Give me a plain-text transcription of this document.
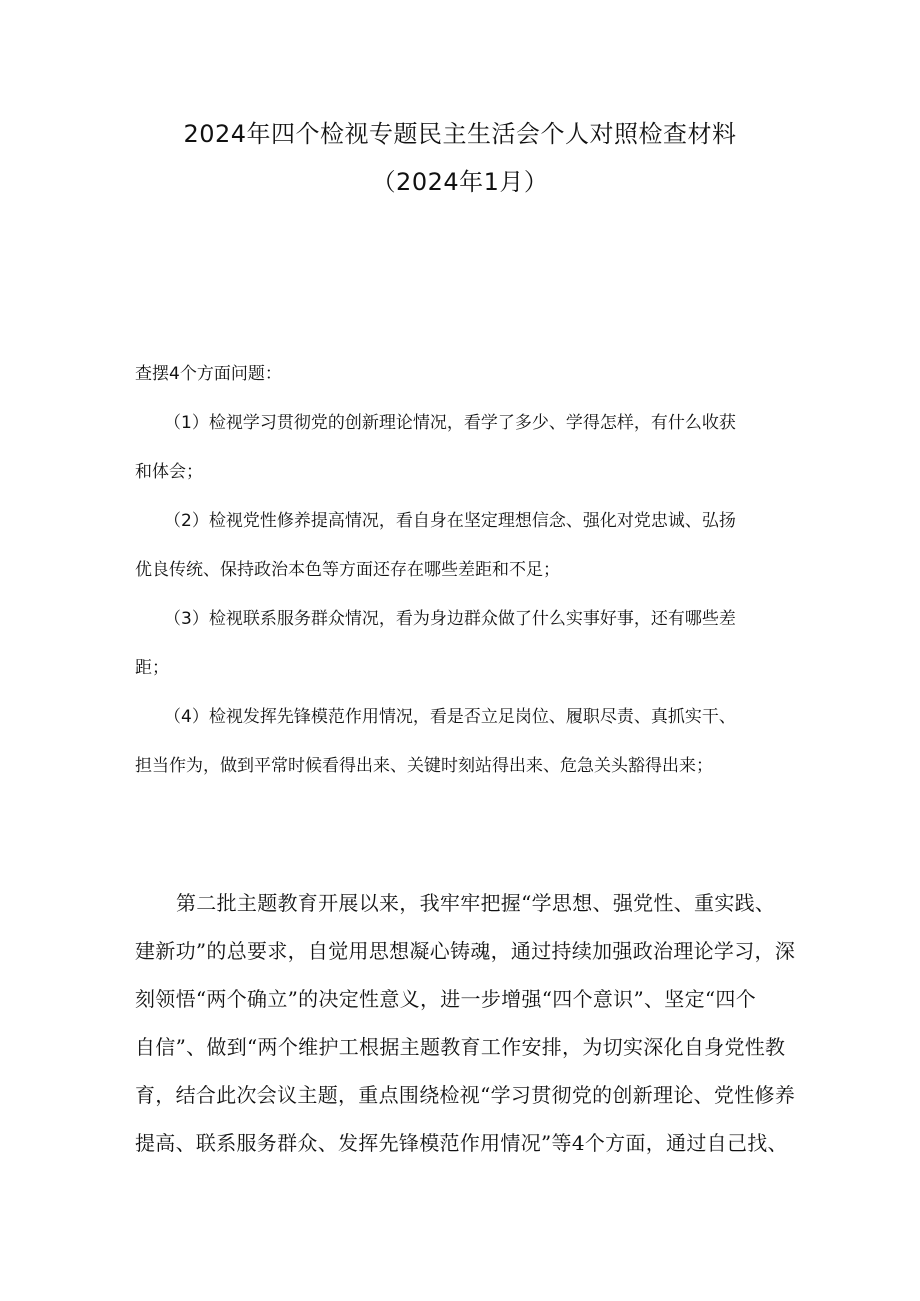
2024年四个检视专题民主生活会个人对照检查材料
（2024年1月）
查摆4个方面问题：
（1）检视学习贯彻党的创新理论情况，看学了多少、学得怎样，有什么收获
和体会；
（2）检视党性修养提高情况，看自身在坚定理想信念、强化对党忠诚、弘扬
优良传统、保持政治本色等方面还存在哪些差距和不足；
（3）检视联系服务群众情况，看为身边群众做了什么实事好事，还有哪些差
距；
（4）检视发挥先锋模范作用情况，看是否立足岗位、履职尽责、真抓实干、
担当作为，做到平常时候看得出来、关键时刻站得出来、危急关头豁得出来；
第二批主题教育开展以来，我牢牢把握“学思想、强党性、重实践、
建新功”的总要求，自觉用思想凝心铸魂，通过持续加强政治理论学习，深
刻领悟“两个确立”的决定性意义，进一步增强“四个意识”、坚定“四个
自信”、做到“两个维护工根据主题教育工作安排，为切实深化自身党性教
育，结合此次会议主题，重点围绕检视“学习贯彻党的创新理论、党性修养
提高、联系服务群众、发挥先锋模范作用情况”等4个方面，通过自己找、
